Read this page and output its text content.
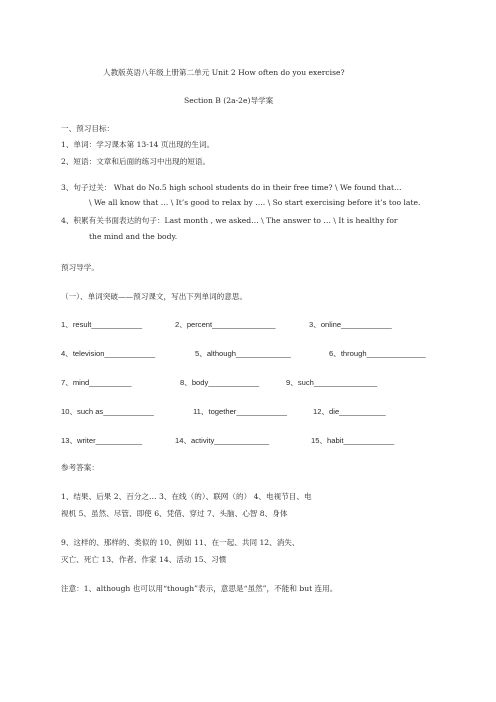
人教版英语八年级上册第二单元 Unit 2 How often do you exercise?
Section B (2a-2e)导学案
一、预习目标：
1、单词：学习课本第 13-14 页出现的生词。
2、短语：文章和后面的练习中出现的短语。
3、句子过关： What do No.5 high school students do in their free time? \ We found that…
\ We all know that … \ It’s good to relax by …. \ So start exercising before it’s too late.
4、积累有关书面表达的句子：Last month , we asked… \ The answer to … \ It is healthy for
the mind and the body.
预习导学。
（一）、单词突破——预习课文，写出下列单词的意思。
1、result____________	2、percent_______________	3、online____________
4、television____________	5、although_____________	6、through______________
7、mind__________	8、body____________	9、such_______________
10、such as____________	11、together____________	12、die___________
13、writer___________	14、activity_____________	15、habit____________
参考答案：
1、结果、后果 2、百分之… 3、在线（的）、联网（的） 4、电视节目、电
视机 5、虽然、尽管、即使 6、凭借、穿过 7、头脑、心智 8、身体
9、这样的、那样的、类似的 10、例如 11、在一起、共同 12、消失、
灭亡、死亡 13、作者、作家 14、活动 15、习惯
注意：1、although 也可以用“though”表示，意思是“虽然”，不能和 but 连用。
